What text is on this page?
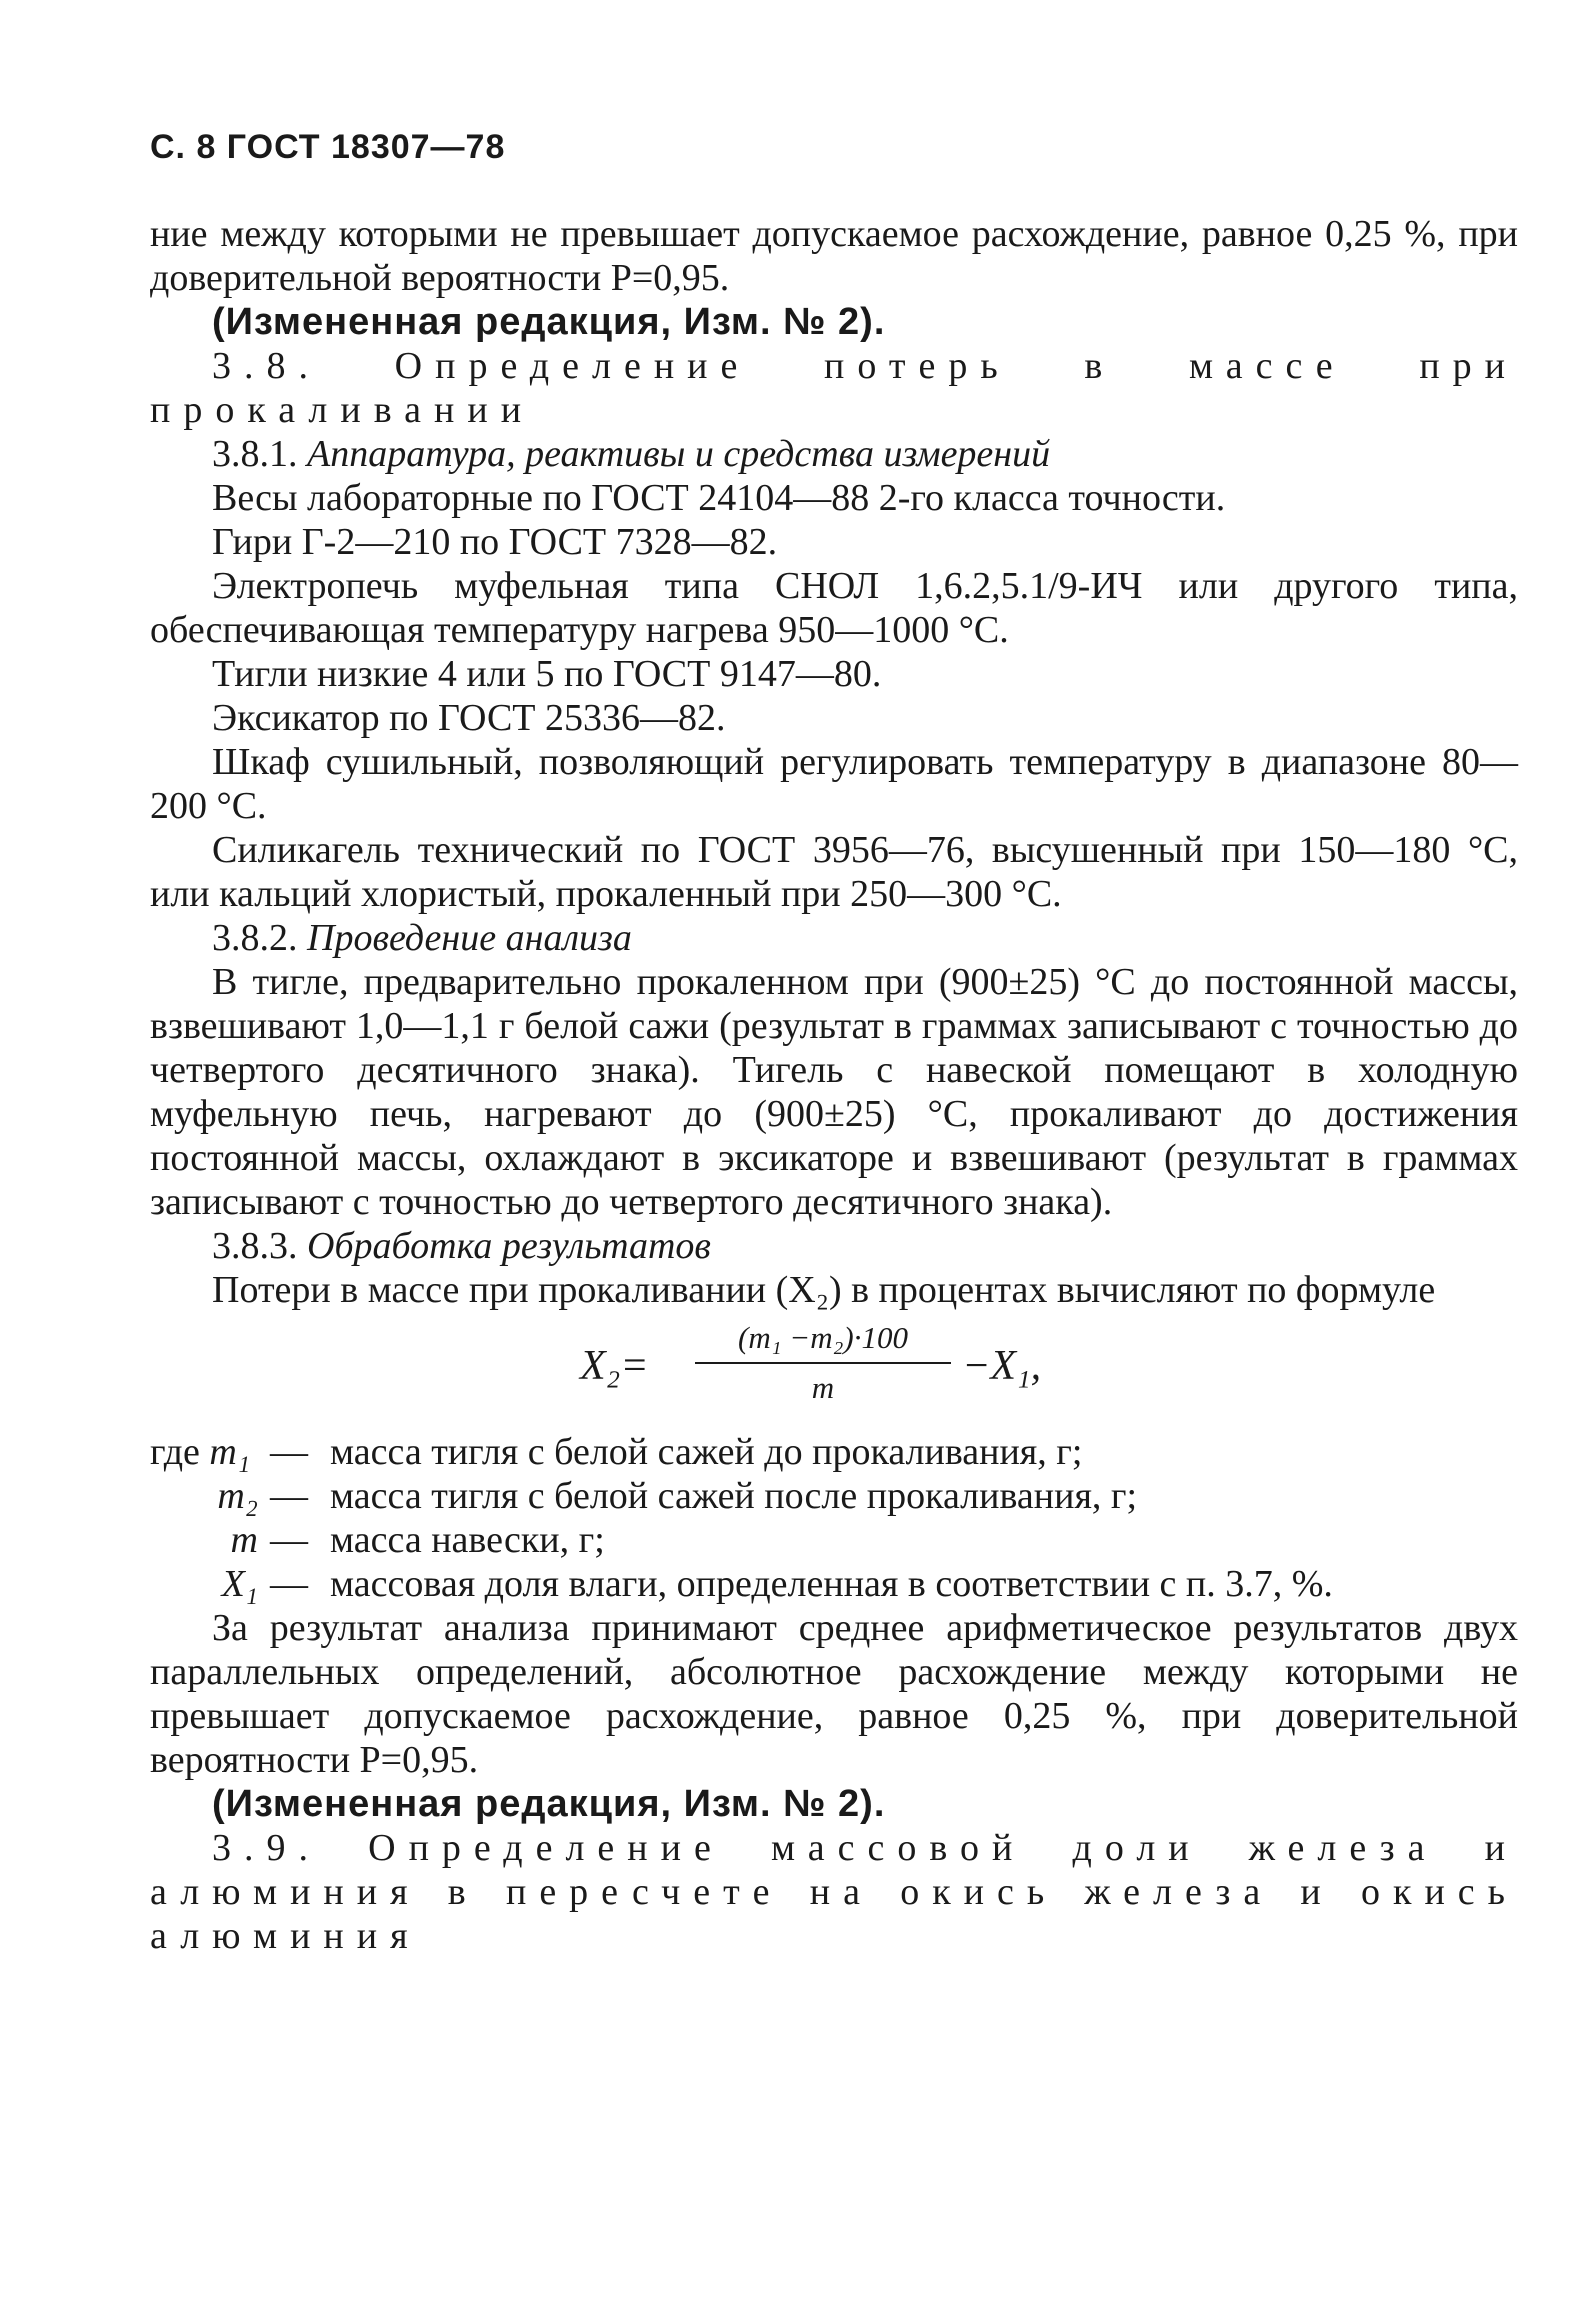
С. 8 ГОСТ 18307—78

ние между которыми не превышает допускаемое расхождение, равное 0,25 %, при доверительной вероятности P=0,95.

(Измененная редакция, Изм. № 2).

3.8. Определение потерь в массе при прокаливании

3.8.1. Аппаратура, реактивы и средства измерений

Весы лабораторные по ГОСТ 24104—88 2-го класса точности.

Гири Г-2—210 по ГОСТ 7328—82.

Электропечь муфельная типа СНОЛ 1,6.2,5.1/9-ИЧ или другого типа, обеспечивающая температуру нагрева 950—1000 °С.

Тигли низкие 4 или 5 по ГОСТ 9147—80.

Эксикатор по ГОСТ 25336—82.

Шкаф сушильный, позволяющий регулировать температуру в диапазоне 80—200 °С.

Силикагель технический по ГОСТ 3956—76, высушенный при 150—180 °С, или кальций хлористый, прокаленный при 250—300 °С.

3.8.2. Проведение анализа

В тигле, предварительно прокаленном при (900±25) °С до постоянной массы, взвешивают 1,0—1,1 г белой сажи (результат в граммах записывают с точностью до четвертого десятичного знака). Тигель с навеской помещают в холодную муфельную печь, нагревают до (900±25) °С, прокаливают до достижения постоянной массы, охлаждают в эксикаторе и взвешивают (результат в граммах записывают с точностью до четвертого десятичного знака).

3.8.3. Обработка результатов

Потери в массе при прокаливании (X₂) в процентах вычисляют по формуле

X₂=
(m₁ −m₂)·100
m	−X₁,
где m₁ — масса тигля с белой сажей до прокаливания, г;
m₂ — масса тигля с белой сажей после прокаливания, г;
m — масса навески, г;
X₁ — массовая доля влаги, определенная в соответствии с п. 3.7, %.

За результат анализа принимают среднее арифметическое результатов двух параллельных определений, абсолютное расхождение между которыми не превышает допускаемое расхождение, равное 0,25 %, при доверительной вероятности P=0,95.

(Измененная редакция, Изм. № 2).

3.9. Определение массовой доли железа и алюминия в пересчете на окись железа и окись алюминия
